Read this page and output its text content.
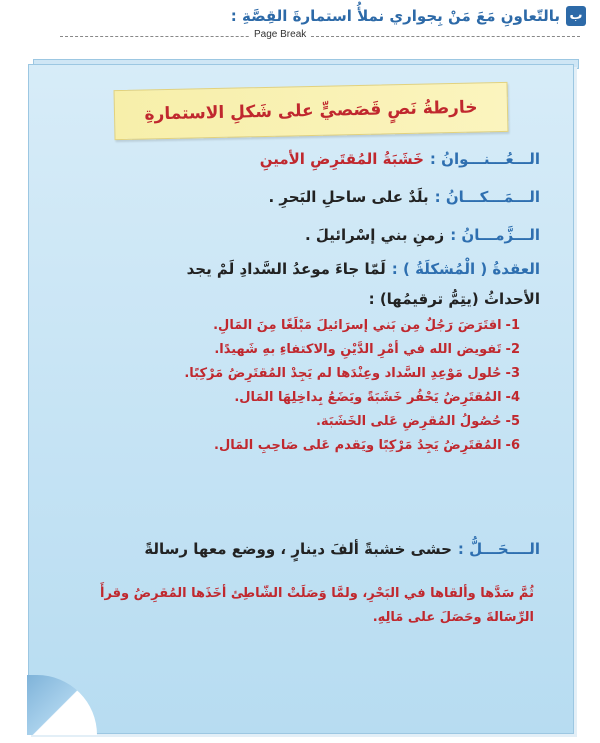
ب
بالتّعاونِ مَعَ مَنْ بِجواري نملأُ استمارةَ القِصَّةِ :
Page Break
خارطةُ نَصٍ قَصَصيٍّ على شَكلِ الاستمارةِ
الـــعُـــنـــوانُ :
خَشَبَةُ المُقتَرِضِ الأمينِ
الـــمَـــكـــانُ :
بلَدٌ على ساحلِ البَحرِ .
الـــزَّمـــانُ :
زمنِ بني إسْرائيلَ .
العقدةُ ( الْمُشكلَةُ ) :
لَمّا جاءَ موعدُ السَّدادِ لَمْ يجد
الأحداثُ (يتِمُّ ترقيمُها) :
1-
اقتَرَضَ رَجُلٌ مِن بَني إسرَائيلَ مَبْلَغًا مِنَ المَالِ.
2-
تَفويض الله في أمْرِ الدَّيْنِ والاكتفاءِ بهِ شَهيدًا.
3-
حُلول مَوْعِدِ السَّداد وعِنْدَها لم يَجِدْ المُقتَرِضُ مَرْكِبًا.
4-
المُقتَرِضُ يَحْفُر خَشَبَةً ويَضَعُ بِداخِلِهَا المَال.
5-
حُصُولُ المُقرِضِ عَلى الخَشَبَة.
6-
المُقتَرِضُ يَجِدُ مَرْكِبًا ويَقدم عَلى صَاحِبِ المَال.
الــــحَـــلُّ :
حشى خشبةً ألفَ دينارٍ ، ووضع معها رسالةً
ثُمَّ سَدَّها وألقاها في البَحْرِ، ولمَّا وَصَلَتْ الشّاطِئ أخَذَها المُقرِضُ وقرأَ الرِّسَالةَ وحَصَلَ على مَالِهِ.
